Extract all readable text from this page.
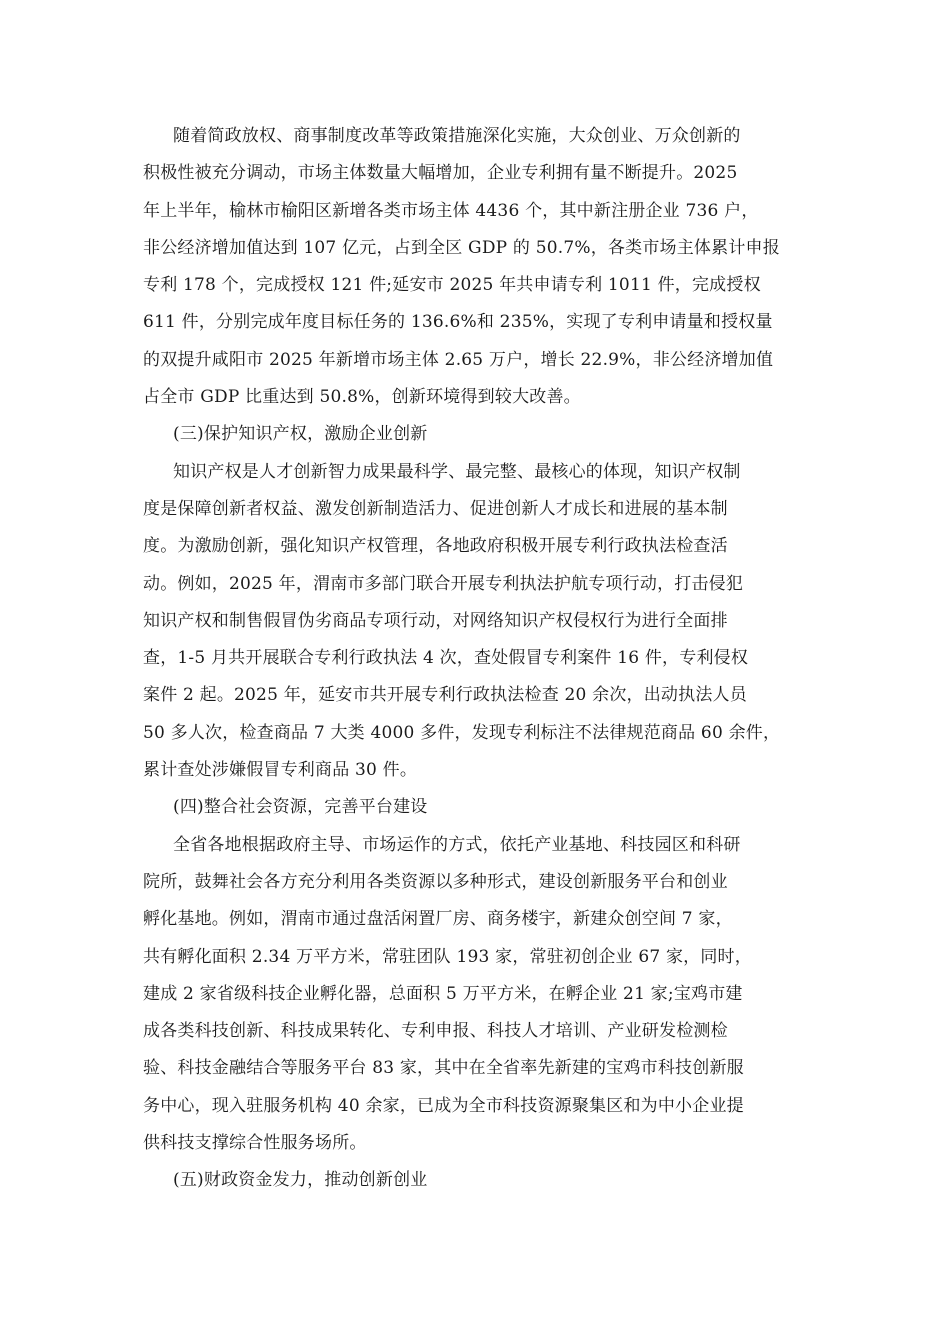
随着简政放权、商事制度改革等政策措施深化实施，大众创业、万众创新的
积极性被充分调动，市场主体数量大幅增加，企业专利拥有量不断提升。2025
年上半年，榆林市榆阳区新增各类市场主体 4436 个，其中新注册企业 736 户，
非公经济增加值达到 107 亿元，占到全区 GDP 的 50.7%，各类市场主体累计申报
专利 178 个，完成授权 121 件;延安市 2025 年共申请专利 1011 件，完成授权
611 件，分别完成年度目标任务的 136.6%和 235%，实现了专利申请量和授权量
的双提升咸阳市 2025 年新增市场主体 2.65 万户，增长 22.9%，非公经济增加值
占全市 GDP 比重达到 50.8%，创新环境得到较大改善。
(三)保护知识产权，激励企业创新
知识产权是人才创新智力成果最科学、最完整、最核心的体现，知识产权制
度是保障创新者权益、激发创新制造活力、促进创新人才成长和进展的基本制
度。为激励创新，强化知识产权管理，各地政府积极开展专利行政执法检查活
动。例如，2025 年，渭南市多部门联合开展专利执法护航专项行动，打击侵犯
知识产权和制售假冒伪劣商品专项行动，对网络知识产权侵权行为进行全面排
查，1-5 月共开展联合专利行政执法 4 次，查处假冒专利案件 16 件，专利侵权
案件 2 起。2025 年，延安市共开展专利行政执法检查 20 余次，出动执法人员
50 多人次，检查商品 7 大类 4000 多件，发现专利标注不法律规范商品 60 余件，
累计查处涉嫌假冒专利商品 30 件。
(四)整合社会资源，完善平台建设
全省各地根据政府主导、市场运作的方式，依托产业基地、科技园区和科研
院所，鼓舞社会各方充分利用各类资源以多种形式，建设创新服务平台和创业
孵化基地。例如，渭南市通过盘活闲置厂房、商务楼宇，新建众创空间 7 家，
共有孵化面积 2.34 万平方米，常驻团队 193 家，常驻初创企业 67 家，同时，
建成 2 家省级科技企业孵化器，总面积 5 万平方米，在孵企业 21 家;宝鸡市建
成各类科技创新、科技成果转化、专利申报、科技人才培训、产业研发检测检
验、科技金融结合等服务平台 83 家，其中在全省率先新建的宝鸡市科技创新服
务中心，现入驻服务机构 40 余家，已成为全市科技资源聚集区和为中小企业提
供科技支撑综合性服务场所。
(五)财政资金发力，推动创新创业
